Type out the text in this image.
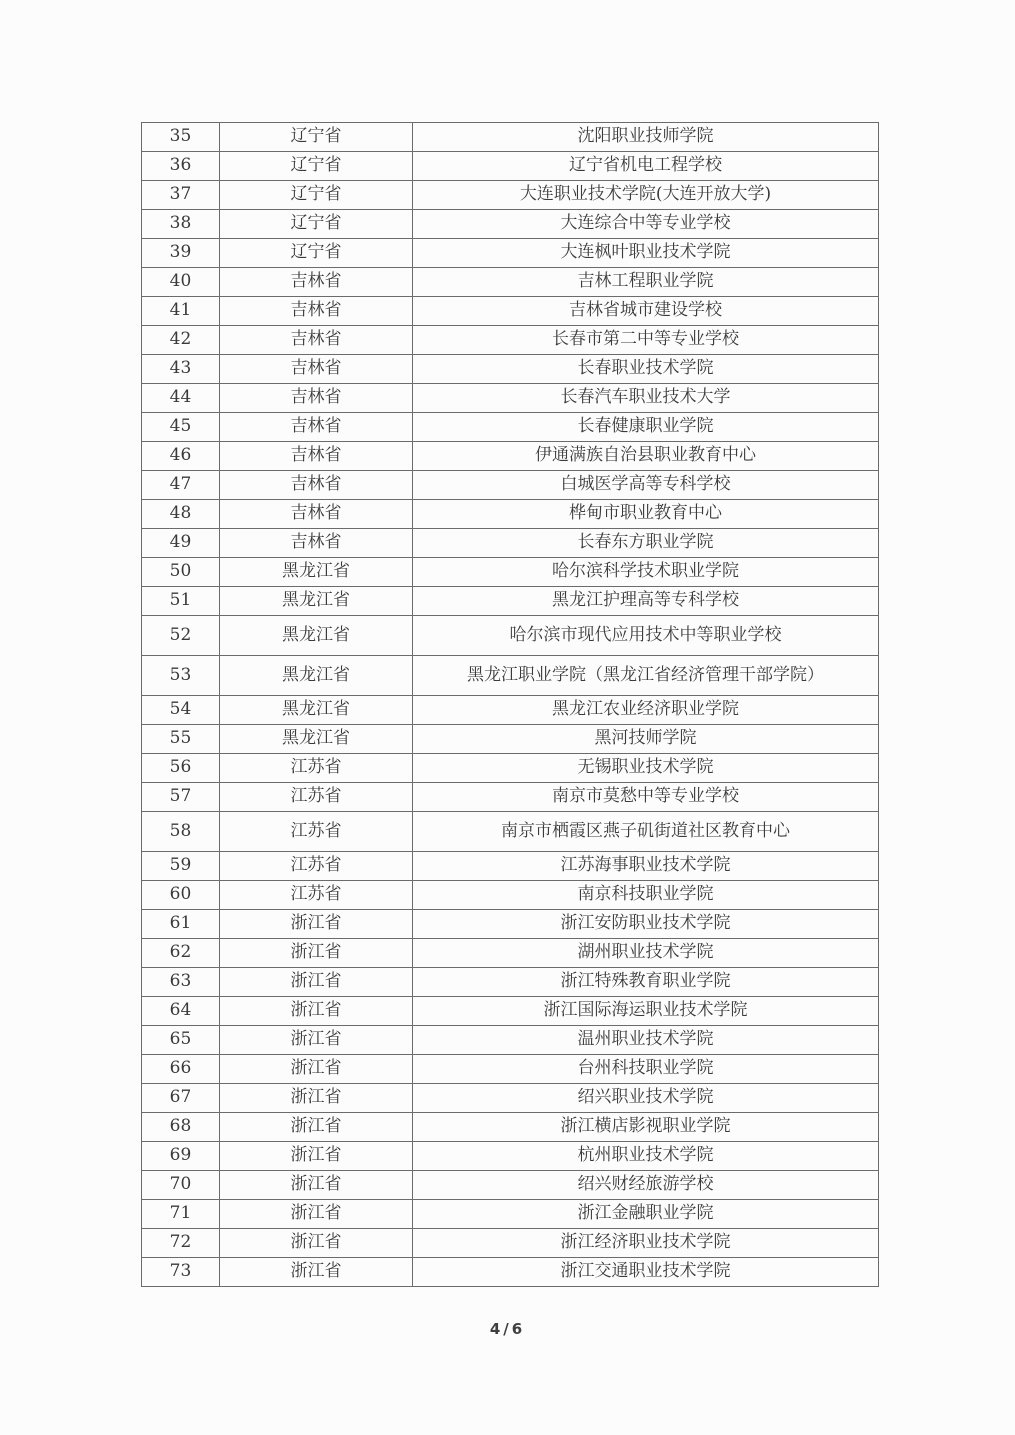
35	辽宁省	沈阳职业技师学院
36	辽宁省	辽宁省机电工程学校
37	辽宁省	大连职业技术学院(大连开放大学)
38	辽宁省	大连综合中等专业学校
39	辽宁省	大连枫叶职业技术学院
40	吉林省	吉林工程职业学院
41	吉林省	吉林省城市建设学校
42	吉林省	长春市第二中等专业学校
43	吉林省	长春职业技术学院
44	吉林省	长春汽车职业技术大学
45	吉林省	长春健康职业学院
46	吉林省	伊通满族自治县职业教育中心
47	吉林省	白城医学高等专科学校
48	吉林省	桦甸市职业教育中心
49	吉林省	长春东方职业学院
50	黑龙江省	哈尔滨科学技术职业学院
51	黑龙江省	黑龙江护理高等专科学校
52	黑龙江省	哈尔滨市现代应用技术中等职业学校
53	黑龙江省	黑龙江职业学院（黑龙江省经济管理干部学院）
54	黑龙江省	黑龙江农业经济职业学院
55	黑龙江省	黑河技师学院
56	江苏省	无锡职业技术学院
57	江苏省	南京市莫愁中等专业学校
58	江苏省	南京市栖霞区燕子矶街道社区教育中心
59	江苏省	江苏海事职业技术学院
60	江苏省	南京科技职业学院
61	浙江省	浙江安防职业技术学院
62	浙江省	湖州职业技术学院
63	浙江省	浙江特殊教育职业学院
64	浙江省	浙江国际海运职业技术学院
65	浙江省	温州职业技术学院
66	浙江省	台州科技职业学院
67	浙江省	绍兴职业技术学院
68	浙江省	浙江横店影视职业学院
69	浙江省	杭州职业技术学院
70	浙江省	绍兴财经旅游学校
71	浙江省	浙江金融职业学院
72	浙江省	浙江经济职业技术学院
73	浙江省	浙江交通职业技术学院
4/6
